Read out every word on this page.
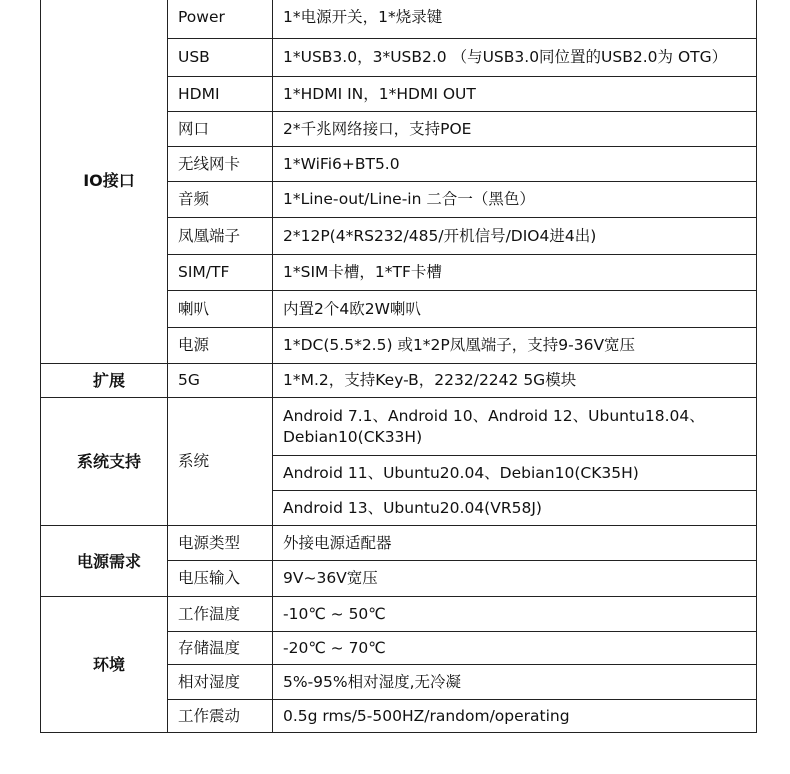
IO接口	Power	1*电源开关，1*烧录键
	USB	1*USB3.0，3*USB2.0 （与USB3.0同位置的USB2.0为 OTG）
	HDMI	1*HDMI IN，1*HDMI OUT
	网口	2*千兆网络接口，支持POE
	无线网卡	1*WiFi6+BT5.0
	音频	1*Line-out/Line-in 二合一（黑色）
	凤凰端子	2*12P(4*RS232/485/开机信号/DIO4进4出)
	SIM/TF	1*SIM卡槽，1*TF卡槽
	喇叭	内置2个4欧2W喇叭
	电源	1*DC(5.5*2.5) 或1*2P凤凰端子，支持9-36V宽压
扩展	5G	1*M.2，支持Key-B，2232/2242 5G模块
系统支持	系统	Android 7.1、Android 10、Android 12、Ubuntu18.04、Debian10(CK33H)
		Android 11、Ubuntu20.04、Debian10(CK35H)
		Android 13、Ubuntu20.04(VR58J)
电源需求	电源类型	外接电源适配器
	电压输入	9V~36V宽压
环境	工作温度	-10℃ ~ 50℃
	存储温度	-20℃ ~ 70℃
	相对湿度	5%-95%相对湿度,无冷凝
	工作震动	0.5g rms/5-500HZ/random/operating
